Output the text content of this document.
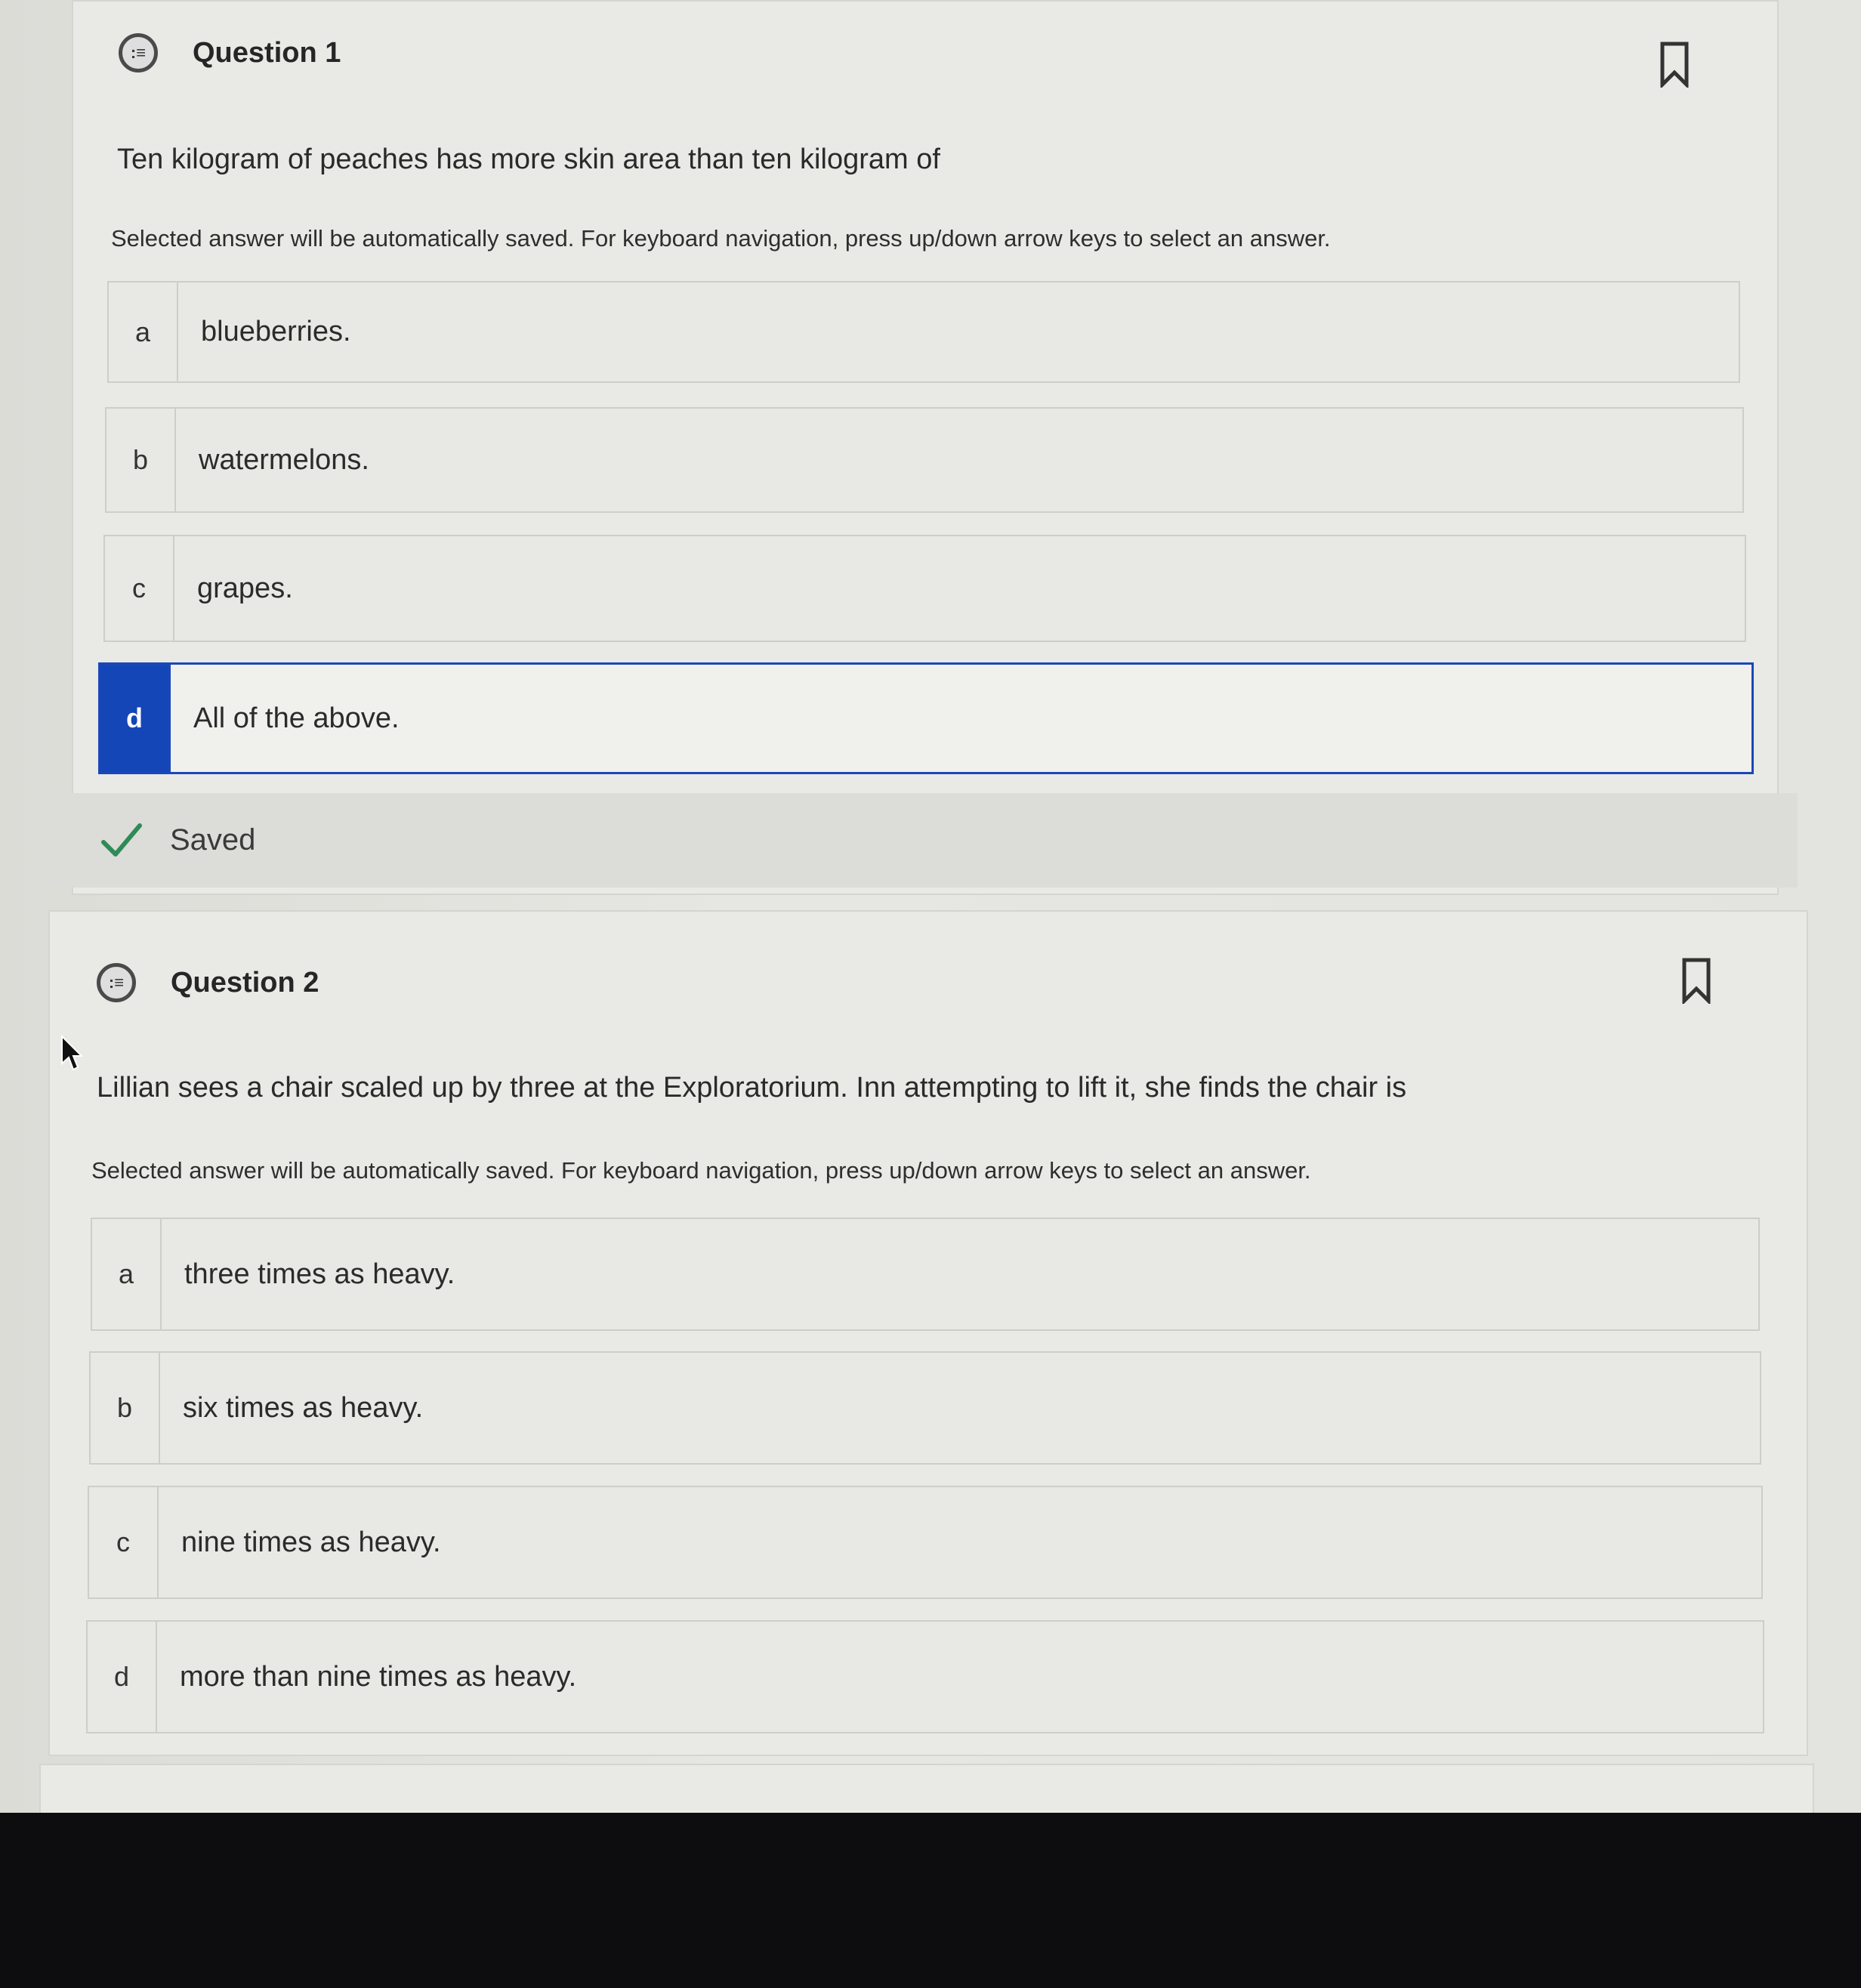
:≡	Question 1
Ten kilogram of peaches has more skin area than ten kilogram of
Selected answer will be automatically saved. For keyboard navigation, press up/down arrow keys to select an answer.
a	blueberries.
b	watermelons.
c	grapes.
d	All of the above.
Saved
:≡	Question 2
Lillian sees a chair scaled up by three at the Exploratorium. Inn attempting to lift it, she finds the chair is
Selected answer will be automatically saved. For keyboard navigation, press up/down arrow keys to select an answer.
a	three times as heavy.
b	six times as heavy.
c	nine times as heavy.
d	more than nine times as heavy.
